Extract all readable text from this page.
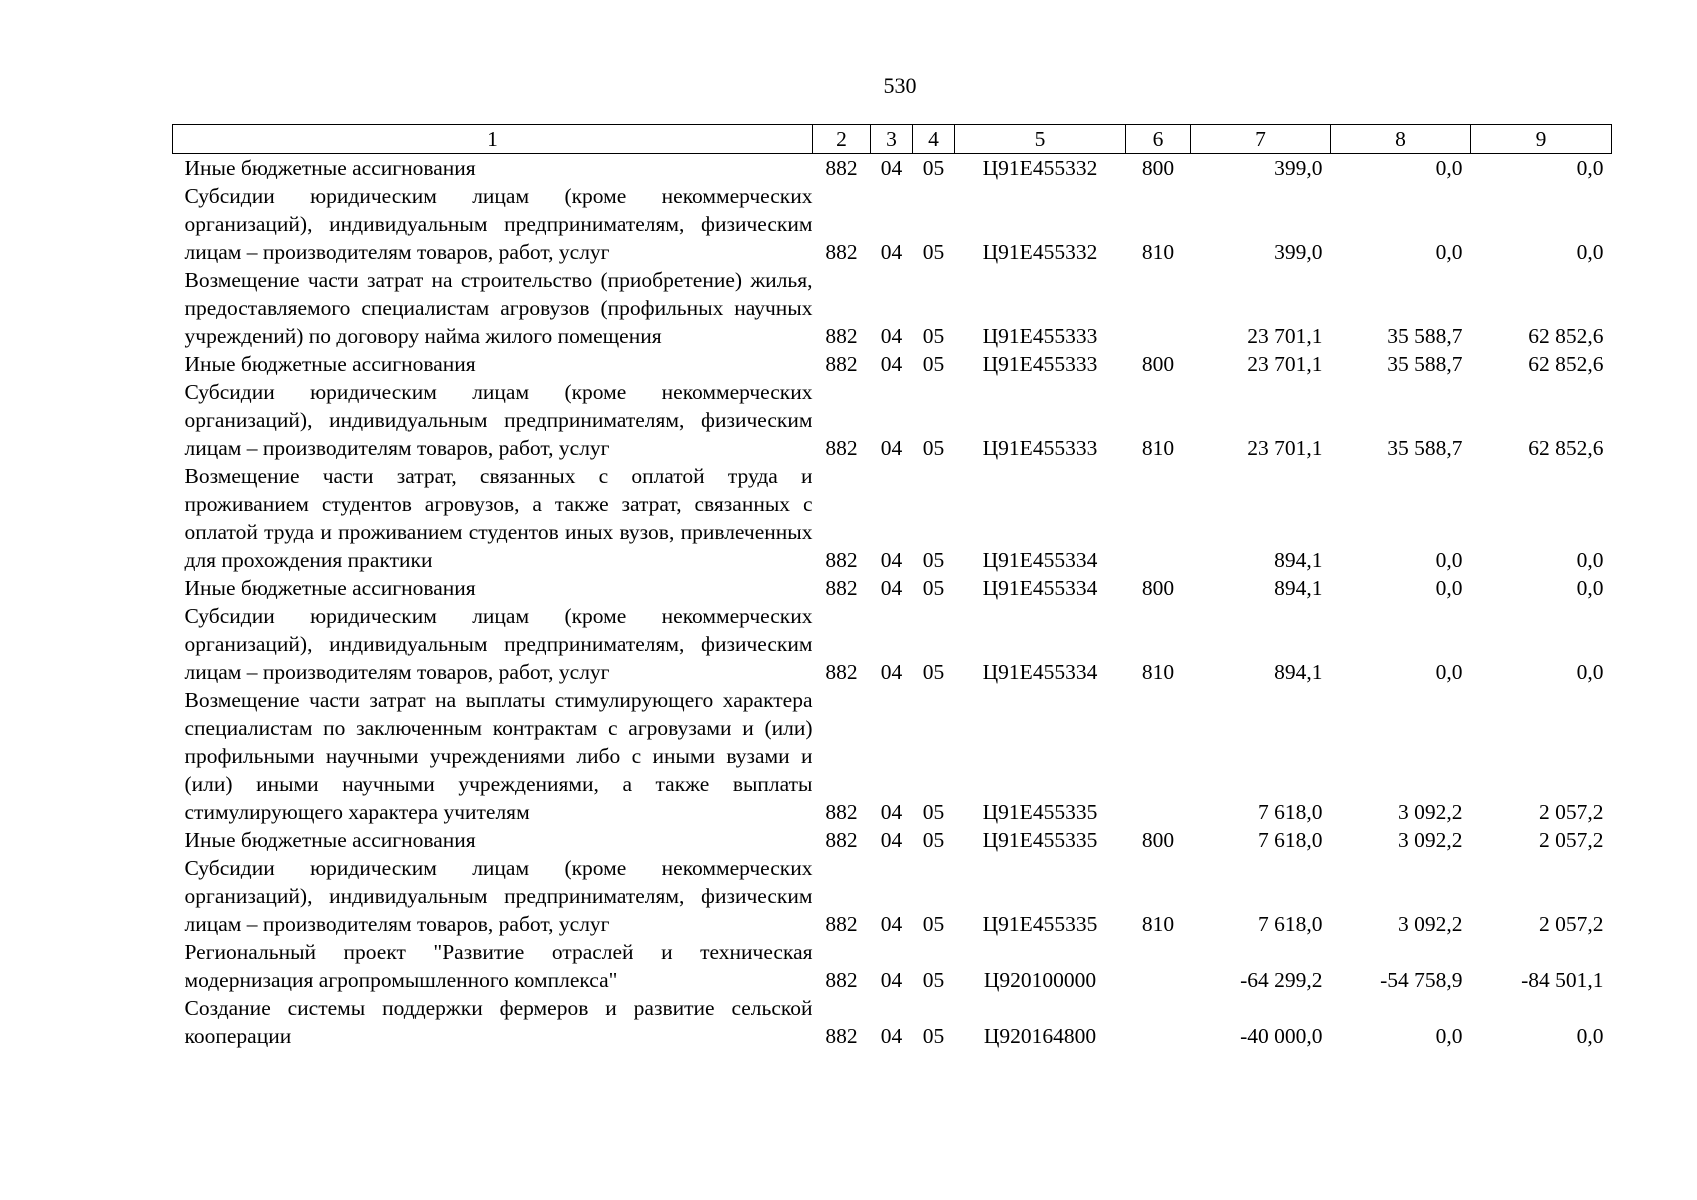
530
1	2	3	4	5	6	7	8	9
Иные бюджетные ассигнования	882	04	05	Ц91Е455332	800	399,0	0,0	0,0
Субсидии юридическим лицам (кроме некоммерческих организаций), индивидуальным предпринимателям, физическим лицам – производителям товаров, работ, услуг	882	04	05	Ц91Е455332	810	399,0	0,0	0,0
Возмещение части затрат на строительство (приобретение) жилья, предоставляемого специалистам агровузов (профильных научных учреждений) по договору найма жилого помещения	882	04	05	Ц91Е455333		23 701,1	35 588,7	62 852,6
Иные бюджетные ассигнования	882	04	05	Ц91Е455333	800	23 701,1	35 588,7	62 852,6
Субсидии юридическим лицам (кроме некоммерческих организаций), индивидуальным предпринимателям, физическим лицам – производителям товаров, работ, услуг	882	04	05	Ц91Е455333	810	23 701,1	35 588,7	62 852,6
Возмещение части затрат, связанных с оплатой труда и проживанием студентов агровузов, а также затрат, связанных с оплатой труда и проживанием студентов иных вузов, привлеченных для прохождения практики	882	04	05	Ц91Е455334		894,1	0,0	0,0
Иные бюджетные ассигнования	882	04	05	Ц91Е455334	800	894,1	0,0	0,0
Субсидии юридическим лицам (кроме некоммерческих организаций), индивидуальным предпринимателям, физическим лицам – производителям товаров, работ, услуг	882	04	05	Ц91Е455334	810	894,1	0,0	0,0
Возмещение части затрат на выплаты стимулирующего характера специалистам по заключенным контрактам с агровузами и (или) профильными научными учреждениями либо с иными вузами и (или) иными научными учреждениями, а также выплаты стимулирующего характера учителям	882	04	05	Ц91Е455335		7 618,0	3 092,2	2 057,2
Иные бюджетные ассигнования	882	04	05	Ц91Е455335	800	7 618,0	3 092,2	2 057,2
Субсидии юридическим лицам (кроме некоммерческих организаций), индивидуальным предпринимателям, физическим лицам – производителям товаров, работ, услуг	882	04	05	Ц91Е455335	810	7 618,0	3 092,2	2 057,2
Региональный проект "Развитие отраслей и техническая модернизация агропромышленного комплекса"	882	04	05	Ц920100000		-64 299,2	-54 758,9	-84 501,1
Создание системы поддержки фермеров и развитие сельской кооперации	882	04	05	Ц920164800		-40 000,0	0,0	0,0
